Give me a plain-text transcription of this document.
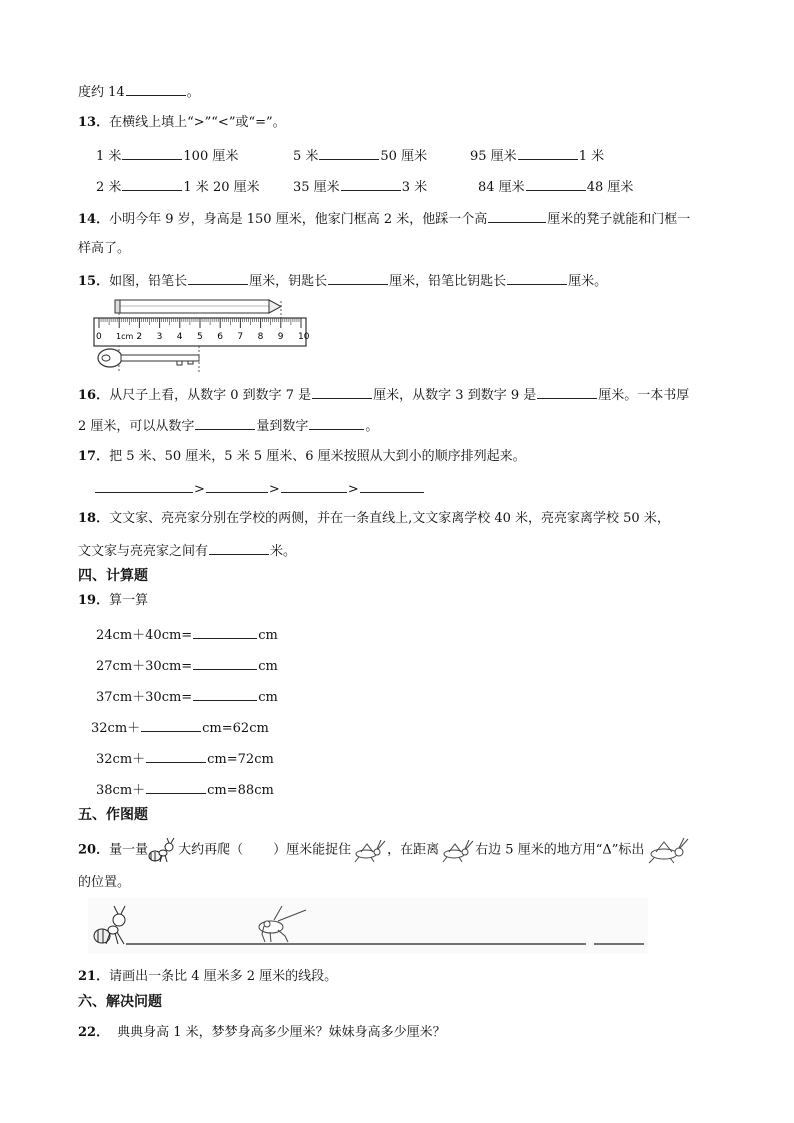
度约 14	。
13．在横线上填上“>”“<”或“=”。
1 米	100 厘米	5 米	50 厘米	95 厘米	1 米
2 米	1 米 20 厘米	35 厘米	3 米	84 厘米	48 厘米
14．小明今年 9 岁，身高是 150 厘米，他家门框高 2 米，他踩一个高	厘米的凳子就能和门框一
样高了。
15．如图，铅笔长	厘米，钥匙长	厘米，铅笔比钥匙长	厘米。
1cm
0	2 3 4 5 6 7 8 9 10
16．从尺子上看，从数字 0 到数字 7 是	厘米，从数字 3 到数字 9 是	厘米。一本书厚
2 厘米，可以从数字	量到数字	。
17．把 5 米、50 厘米，5 米 5 厘米、6 厘米按照从大到小的顺序排列起来。
>	>	>
18．文文家、亮亮家分别在学校的两侧，并在一条直线上,文文家离学校 40 米，亮亮家离学校 50 米，
文文家与亮亮家之间有	米。
四、计算题
19．算一算
24cm＋40cm=	cm
27cm＋30cm=	cm
37cm＋30cm=	cm
32cm＋	cm=62cm
32cm＋	cm=72cm
38cm＋	cm=88cm
五、作图题
20．量一量 大约再爬（ ）厘米能捉住	，在距离	右边 5 厘米的地方用“Δ”标出
的位置。
21．请画出一条比 4 厘米多 2 厘米的线段。
六、解决问题
22． 典典身高 1 米，梦梦身高多少厘米？妹妹身高多少厘米？
